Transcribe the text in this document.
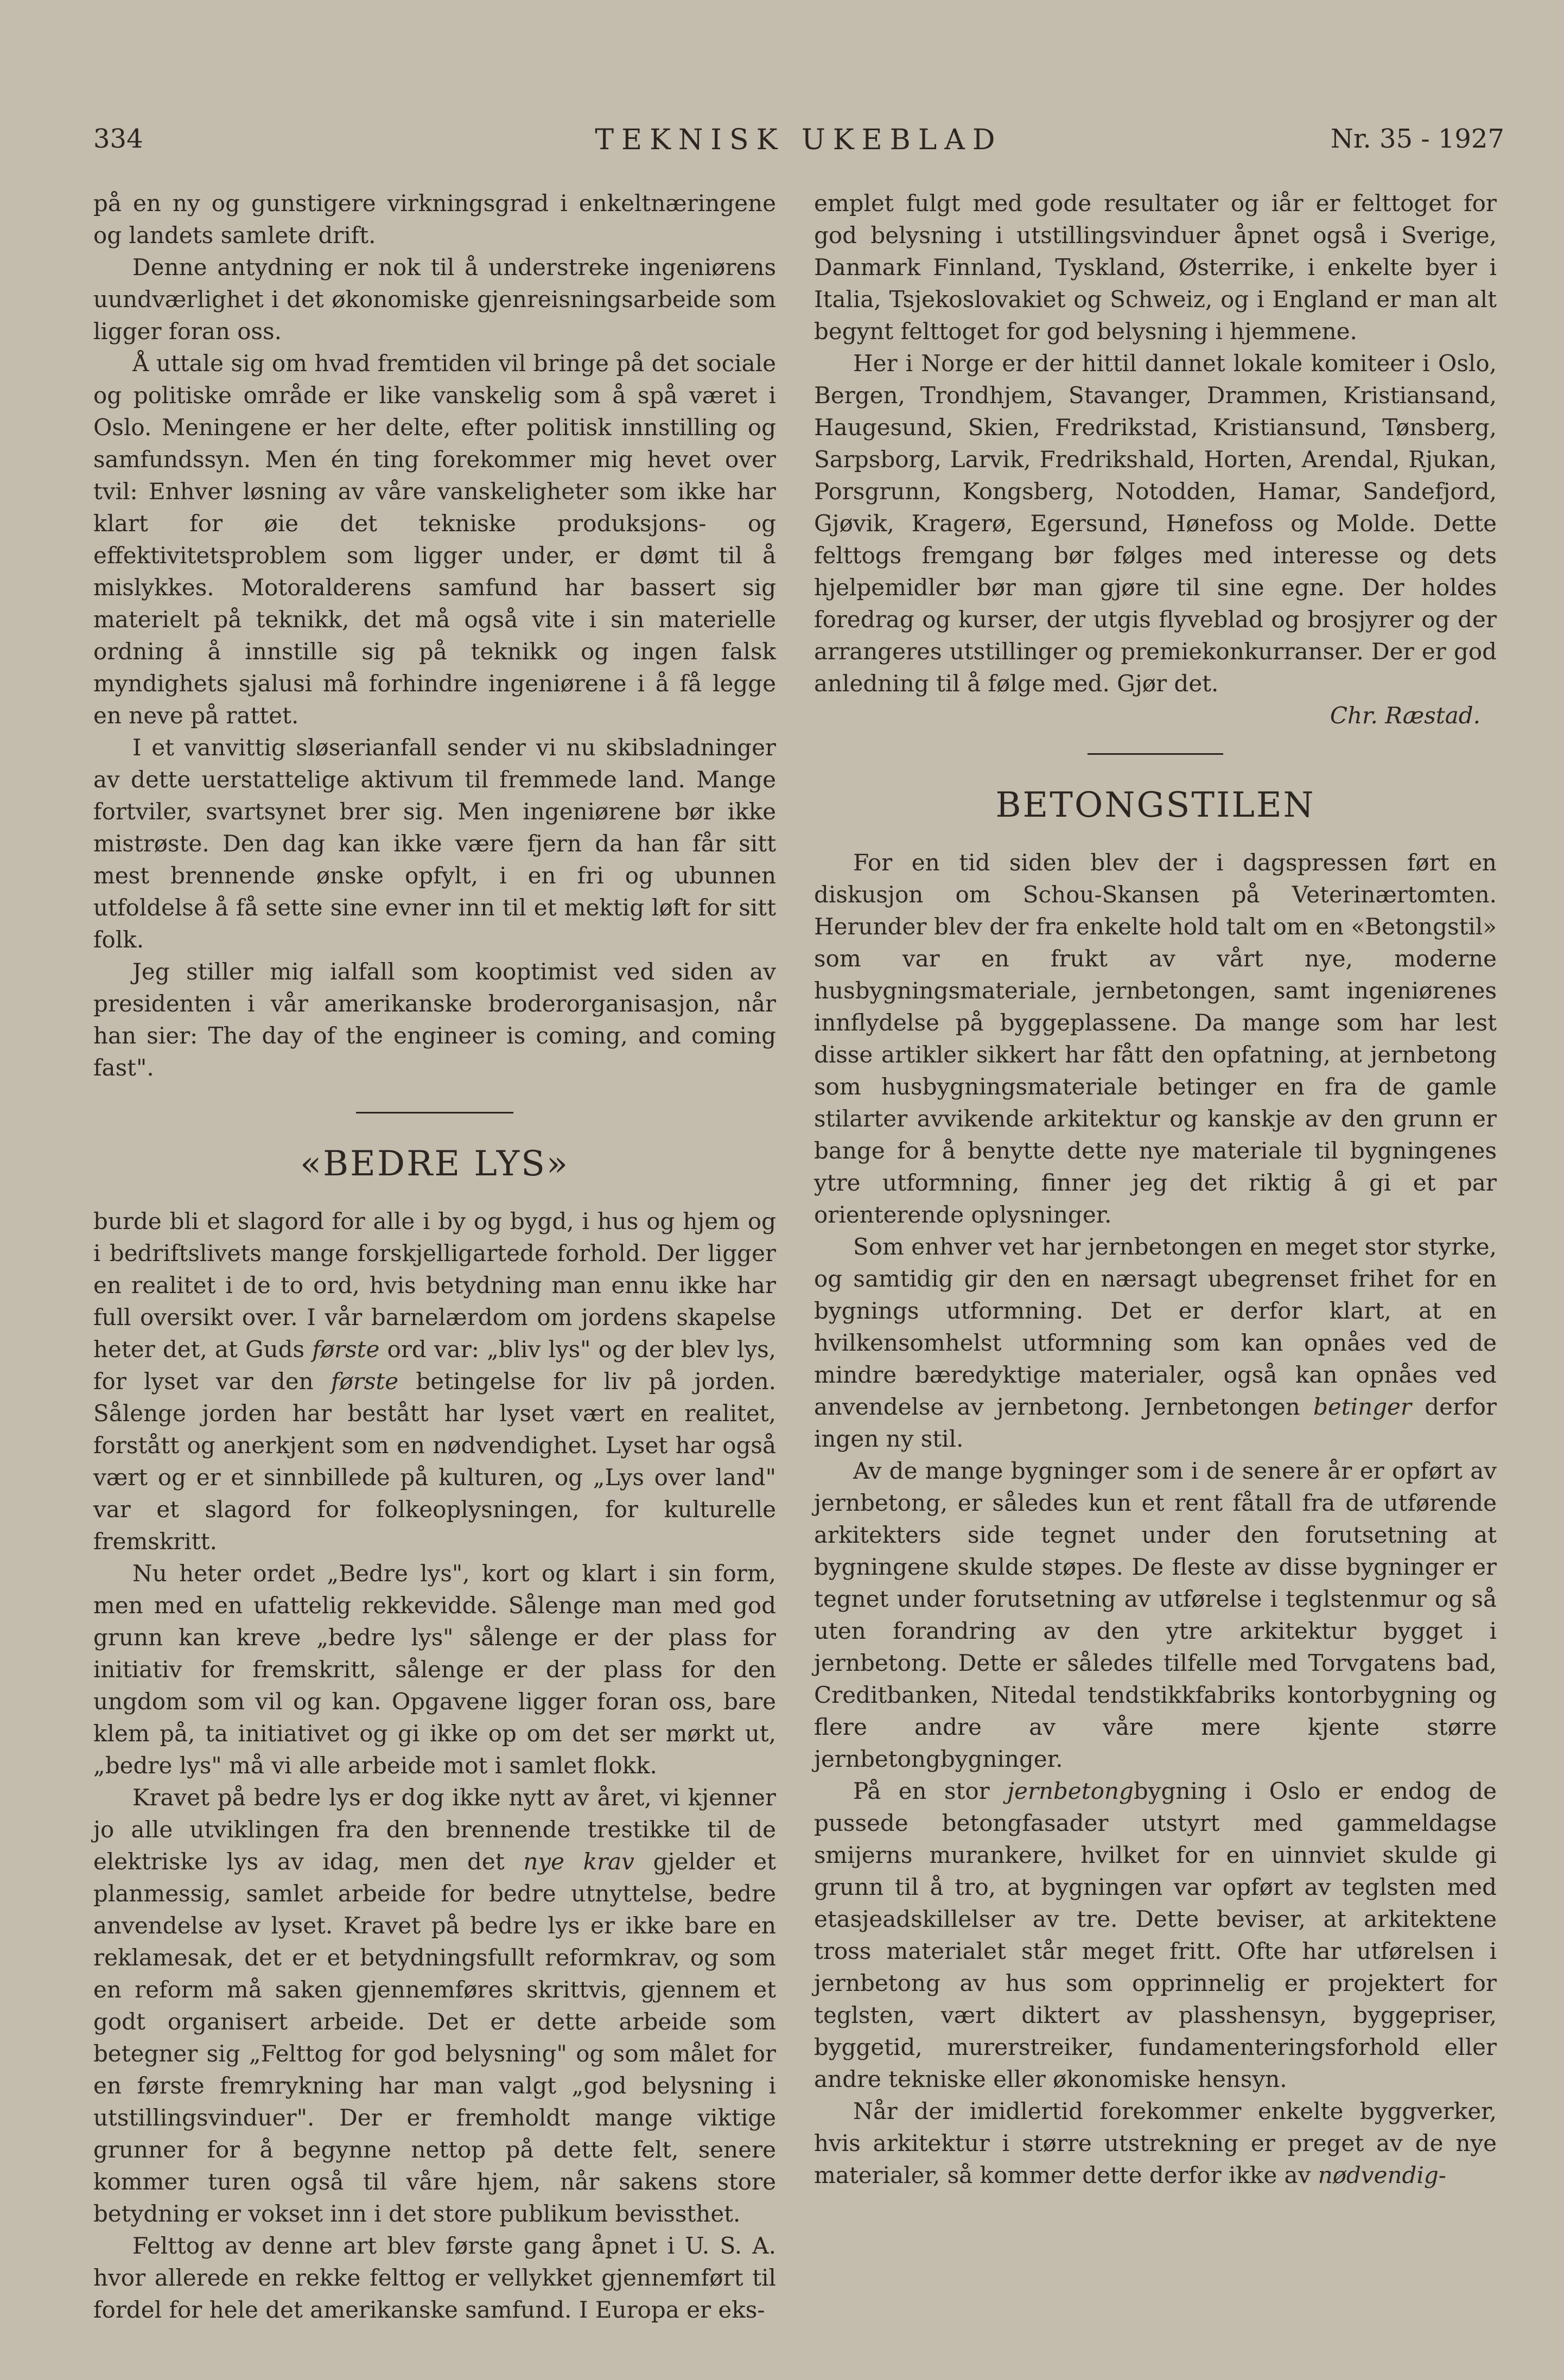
334	TEKNISK UKEBLAD	Nr. 35 - 1927

på en ny og gunstigere virkningsgrad i enkeltnæringene og landets samlete drift.

Denne antydning er nok til å understreke ingeniørens uundværlighet i det økonomiske gjenreisningsarbeide som ligger foran oss.

Å uttale sig om hvad fremtiden vil bringe på det sociale og politiske område er like vanskelig som å spå været i Oslo. Meningene er her delte, efter politisk innstilling og samfundssyn. Men én ting forekommer mig hevet over tvil: Enhver løsning av våre vanskeligheter som ikke har klart for øie det tekniske produksjons- og effektivitetsproblem som ligger under, er dømt til å mislykkes. Motoralderens samfund har bassert sig materielt på teknikk, det må også vite i sin materielle ordning å innstille sig på teknikk og ingen falsk myndighets sjalusi må forhindre ingeniørene i å få legge en neve på rattet.

I et vanvittig sløserianfall sender vi nu skibsladninger av dette uerstattelige aktivum til fremmede land. Mange fortviler, svartsynet brer sig. Men ingeniørene bør ikke mistrøste. Den dag kan ikke være fjern da han får sitt mest brennende ønske opfylt, i en fri og ubunnen utfoldelse å få sette sine evner inn til et mektig løft for sitt folk.

Jeg stiller mig ialfall som kooptimist ved siden av presidenten i vår amerikanske broderorganisasjon, når han sier: The day of the engineer is coming, and coming fast".

«BEDRE LYS»

burde bli et slagord for alle i by og bygd, i hus og hjem og i bedriftslivets mange forskjelligartede forhold. Der ligger en realitet i de to ord, hvis betydning man ennu ikke har full oversikt over. I vår barnelærdom om jordens skapelse heter det, at Guds første ord var: „bliv lys" og der blev lys, for lyset var den første betingelse for liv på jorden. Sålenge jorden har bestått har lyset vært en realitet, forstått og anerkjent som en nødvendighet. Lyset har også vært og er et sinnbillede på kulturen, og „Lys over land" var et slagord for folkeoplysningen, for kulturelle fremskritt.

Nu heter ordet „Bedre lys", kort og klart i sin form, men med en ufattelig rekkevidde. Sålenge man med god grunn kan kreve „bedre lys" sålenge er der plass for initiativ for fremskritt, sålenge er der plass for den ungdom som vil og kan. Opgavene ligger foran oss, bare klem på, ta initiativet og gi ikke op om det ser mørkt ut, „bedre lys" må vi alle arbeide mot i samlet flokk.

Kravet på bedre lys er dog ikke nytt av året, vi kjenner jo alle utviklingen fra den brennende trestikke til de elektriske lys av idag, men det nye krav gjelder et planmessig, samlet arbeide for bedre utnyttelse, bedre anvendelse av lyset. Kravet på bedre lys er ikke bare en reklamesak, det er et betydningsfullt reformkrav, og som en reform må saken gjennemføres skrittvis, gjennem et godt organisert arbeide. Det er dette arbeide som betegner sig „Felttog for god belysning" og som målet for en første fremrykning har man valgt „god belysning i utstillingsvinduer". Der er fremholdt mange viktige grunner for å begynne nettop på dette felt, senere kommer turen også til våre hjem, når sakens store betydning er vokset inn i det store publikum bevissthet.

Felttog av denne art blev første gang åpnet i U. S. A. hvor allerede en rekke felttog er vellykket gjennemført til fordel for hele det amerikanske samfund. I Europa er eks-

emplet fulgt med gode resultater og iår er felttoget for god belysning i utstillingsvinduer åpnet også i Sverige, Danmark Finnland, Tyskland, Østerrike, i enkelte byer i Italia, Tsjekoslovakiet og Schweiz, og i England er man alt begynt felttoget for god belysning i hjemmene.

Her i Norge er der hittil dannet lokale komiteer i Oslo, Bergen, Trondhjem, Stavanger, Drammen, Kristiansand, Haugesund, Skien, Fredrikstad, Kristiansund, Tønsberg, Sarpsborg, Larvik, Fredrikshald, Horten, Arendal, Rjukan, Porsgrunn, Kongsberg, Notodden, Hamar, Sandefjord, Gjøvik, Kragerø, Egersund, Hønefoss og Molde. Dette felttogs fremgang bør følges med interesse og dets hjelpemidler bør man gjøre til sine egne. Der holdes foredrag og kurser, der utgis flyveblad og brosjyrer og der arrangeres utstillinger og premiekonkurranser. Der er god anledning til å følge med. Gjør det.

Chr. Ræstad.
BETONGSTILEN

For en tid siden blev der i dagspressen ført en diskusjon om Schou-Skansen på Veterinærtomten. Herunder blev der fra enkelte hold talt om en «Betongstil» som var en frukt av vårt nye, moderne husbygningsmateriale, jernbetongen, samt ingeniørenes innflydelse på byggeplassene. Da mange som har lest disse artikler sikkert har fått den opfatning, at jernbetong som husbygningsmateriale betinger en fra de gamle stilarter avvikende arkitektur og kanskje av den grunn er bange for å benytte dette nye materiale til bygningenes ytre utformning, finner jeg det riktig å gi et par orienterende oplysninger.

Som enhver vet har jernbetongen en meget stor styrke, og samtidig gir den en nærsagt ubegrenset frihet for en bygnings utformning. Det er derfor klart, at en hvilkensomhelst utformning som kan opnåes ved de mindre bæredyktige materialer, også kan opnåes ved anvendelse av jernbetong. Jernbetongen betinger derfor ingen ny stil.

Av de mange bygninger som i de senere år er opført av jernbetong, er således kun et rent fåtall fra de utførende arkitekters side tegnet under den forutsetning at bygningene skulde støpes. De fleste av disse bygninger er tegnet under forutsetning av utførelse i teglstenmur og så uten forandring av den ytre arkitektur bygget i jernbetong. Dette er således tilfelle med Torvgatens bad, Creditbanken, Nitedal tendstikkfabriks kontorbygning og flere andre av våre mere kjente større jernbetongbygninger.

På en stor jernbetongbygning i Oslo er endog de pussede betongfasader utstyrt med gammeldagse smijerns murankere, hvilket for en uinnviet skulde gi grunn til å tro, at bygningen var opført av teglsten med etasjeadskillelser av tre. Dette beviser, at arkitektene tross materialet står meget fritt. Ofte har utførelsen i jernbetong av hus som opprinnelig er projektert for teglsten, vært diktert av plasshensyn, byggepriser, byggetid, murerstreiker, fundamenteringsforhold eller andre tekniske eller økonomiske hensyn.

Når der imidlertid forekommer enkelte byggverker, hvis arkitektur i større utstrekning er preget av de nye materialer, så kommer dette derfor ikke av nødvendig-
